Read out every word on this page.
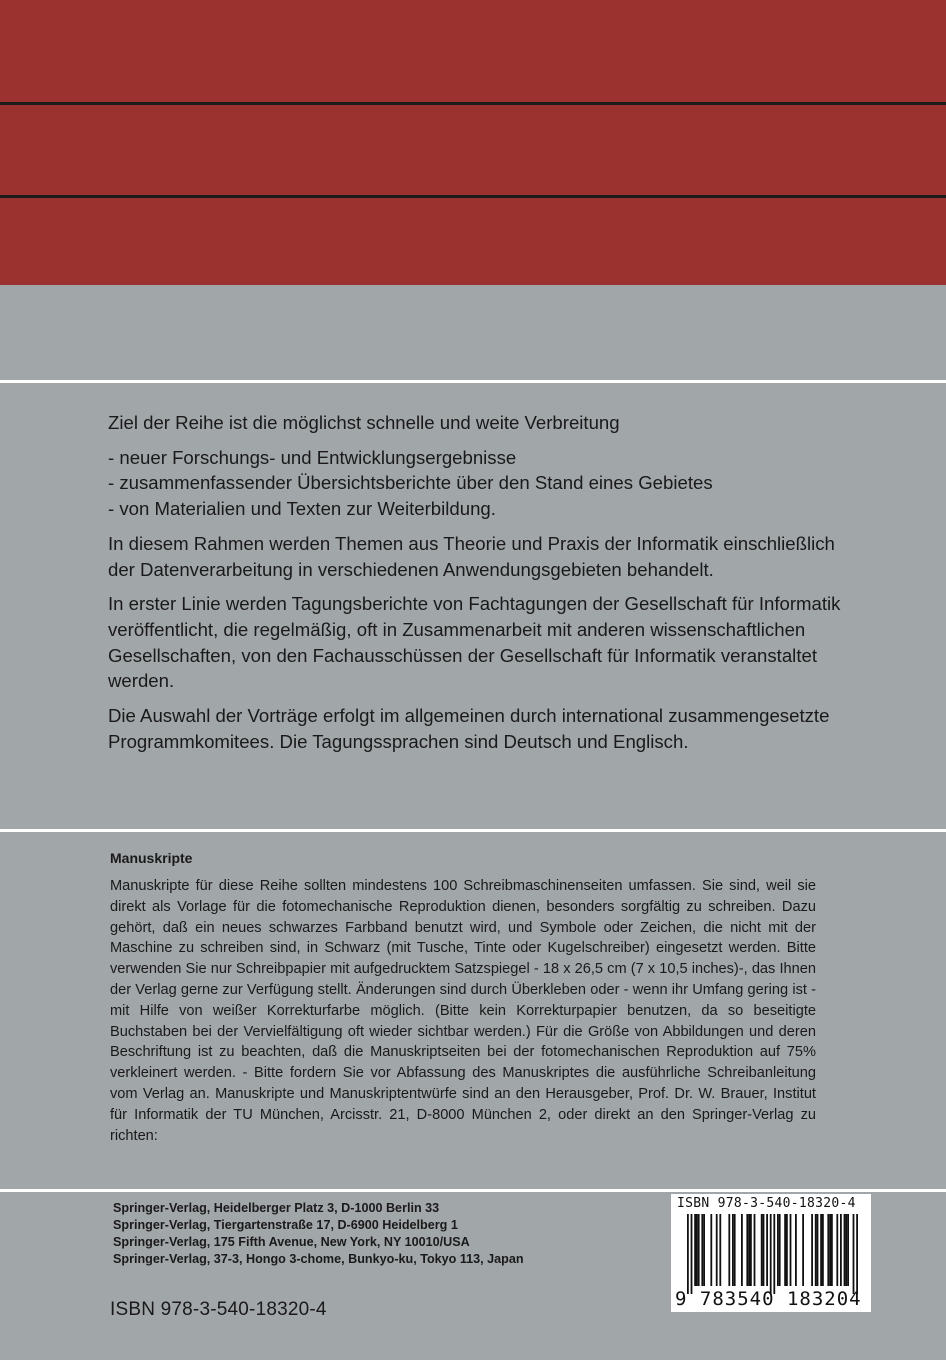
Ziel der Reihe ist die möglichst schnelle und weite Verbreitung

- neuer Forschungs- und Entwicklungsergebnisse
- zusammenfassender Übersichtsberichte über den Stand eines Gebietes
- von Materialien und Texten zur Weiterbildung.

In diesem Rahmen werden Themen aus Theorie und Praxis der Informatik einschließlich der Datenverarbeitung in verschiedenen Anwendungsgebieten behandelt.

In erster Linie werden Tagungsberichte von Fachtagungen der Gesellschaft für Informatik veröffentlicht, die regelmäßig, oft in Zusammenarbeit mit anderen wissenschaftlichen Gesellschaften, von den Fachausschüssen der Gesellschaft für Informatik veranstaltet werden.

Die Auswahl der Vorträge erfolgt im allgemeinen durch international zusammengesetzte Programmkomitees. Die Tagungssprachen sind Deutsch und Englisch.

Manuskripte

Manuskripte für diese Reihe sollten mindestens 100 Schreibmaschinenseiten umfassen. Sie sind, weil sie direkt als Vorlage für die fotomechanische Reproduktion dienen, besonders sorgfältig zu schreiben. Dazu gehört, daß ein neues schwarzes Farbband benutzt wird, und Symbole oder Zeichen, die nicht mit der Maschine zu schreiben sind, in Schwarz (mit Tusche, Tinte oder Kugelschreiber) eingesetzt werden. Bitte verwenden Sie nur Schreibpapier mit aufgedrucktem Satzspiegel - 18 x 26,5 cm (7 x 10,5 inches)-, das Ihnen der Verlag gerne zur Verfügung stellt. Änderungen sind durch Überkleben oder - wenn ihr Umfang gering ist - mit Hilfe von weißer Korrekturfarbe möglich. (Bitte kein Korrekturpapier benutzen, da so beseitigte Buchstaben bei der Vervielfältigung oft wieder sichtbar werden.) Für die Größe von Abbildungen und deren Beschriftung ist zu beachten, daß die Manuskriptseiten bei der fotomechanischen Reproduktion auf 75% verkleinert werden. - Bitte fordern Sie vor Abfassung des Manuskriptes die ausführliche Schreibanleitung vom Verlag an. Manuskripte und Manuskriptentwürfe sind an den Herausgeber, Prof. Dr. W. Brauer, Institut für Informatik der TU München, Arcisstr. 21, D-8000 München 2, oder direkt an den Springer-Verlag zu richten:

Springer-Verlag, Heidelberger Platz 3, D-1000 Berlin 33
Springer-Verlag, Tiergartenstraße 17, D-6900 Heidelberg 1
Springer-Verlag, 175 Fifth Avenue, New York, NY 10010/USA
Springer-Verlag, 37-3, Hongo 3-chome, Bunkyo-ku, Tokyo 113, Japan
ISBN 978-3-540-18320-4
ISBN 978-3-540-18320-4
9 783540 183204
